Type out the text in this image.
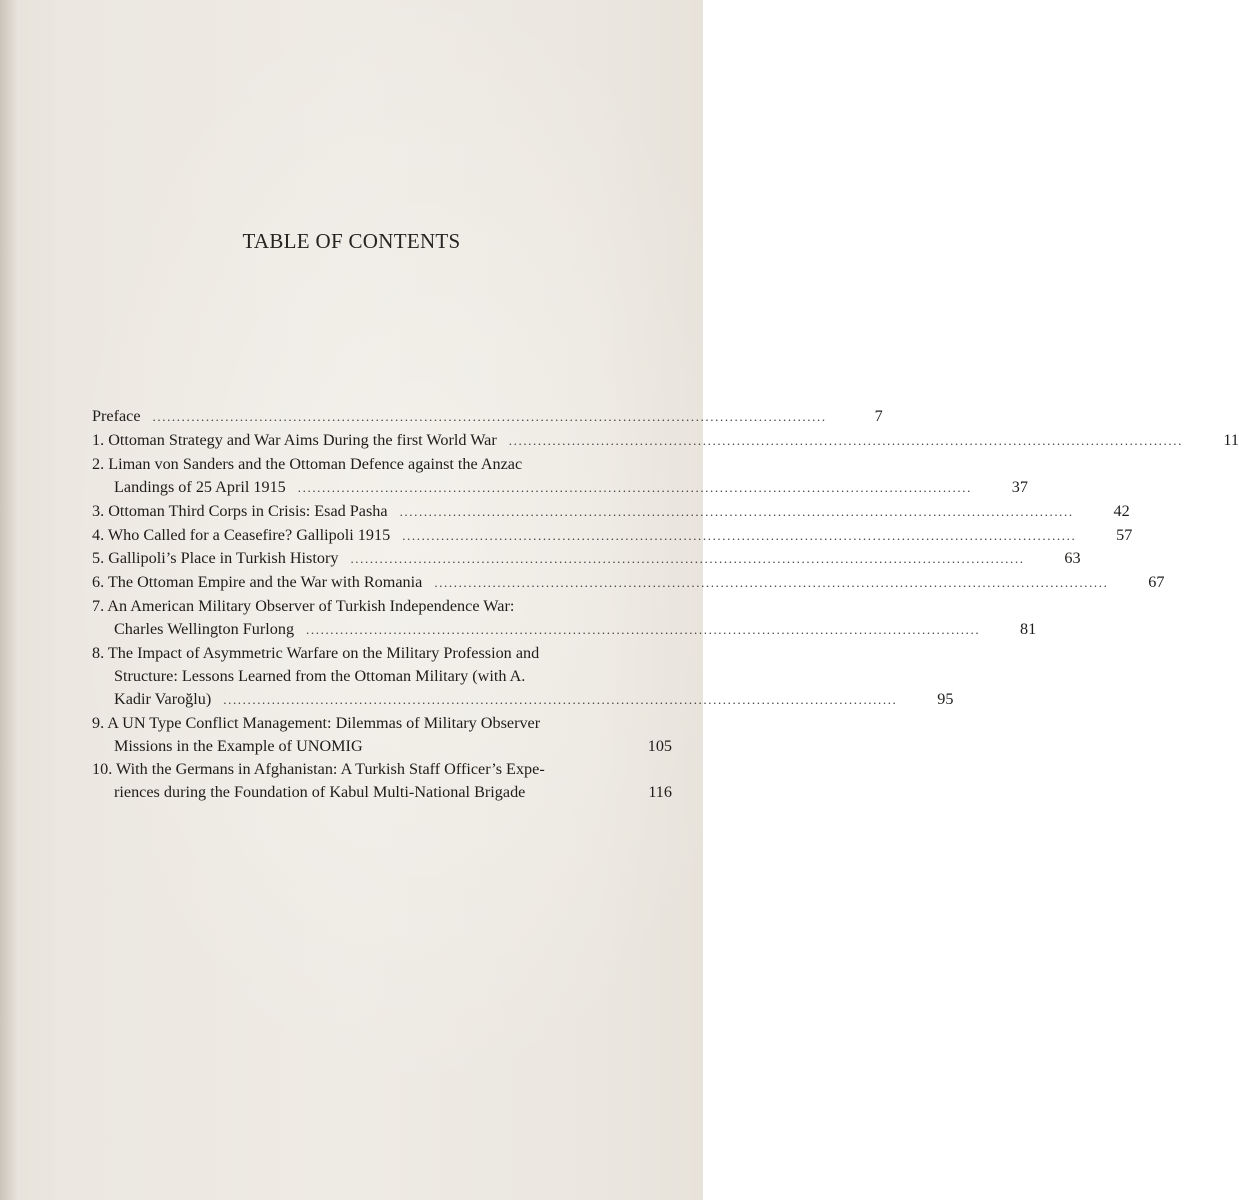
TABLE OF CONTENTS
Preface ...........................................................................................................................................	7
1. Ottoman Strategy and War Aims During the first World War ...........................................................................................................................................	11
2. Liman von Sanders and the Ottoman Defence against the Anzac
Landings of 25 April 1915 ...........................................................................................................................................	37
3. Ottoman Third Corps in Crisis: Esad Pasha ...........................................................................................................................................	42
4. Who Called for a Ceasefire? Gallipoli 1915 ...........................................................................................................................................	57
5. Gallipoli’s Place in Turkish History ...........................................................................................................................................	63
6. The Ottoman Empire and the War with Romania ...........................................................................................................................................	67
7. An American Military Observer of Turkish Independence War:
Charles Wellington Furlong ...........................................................................................................................................	81
8. The Impact of Asymmetric Warfare on the Military Profession and
Structure: Lessons Learned from the Ottoman Military (with A.
Kadir Varoğlu) ...........................................................................................................................................	95
9. A UN Type Conflict Management: Dilemmas of Military Observer
Missions in the Example of UNOMIG	105
10. With the Germans in Afghanistan: A Turkish Staff Officer’s Expe-
riences during the Foundation of Kabul Multi-National Brigade	116
